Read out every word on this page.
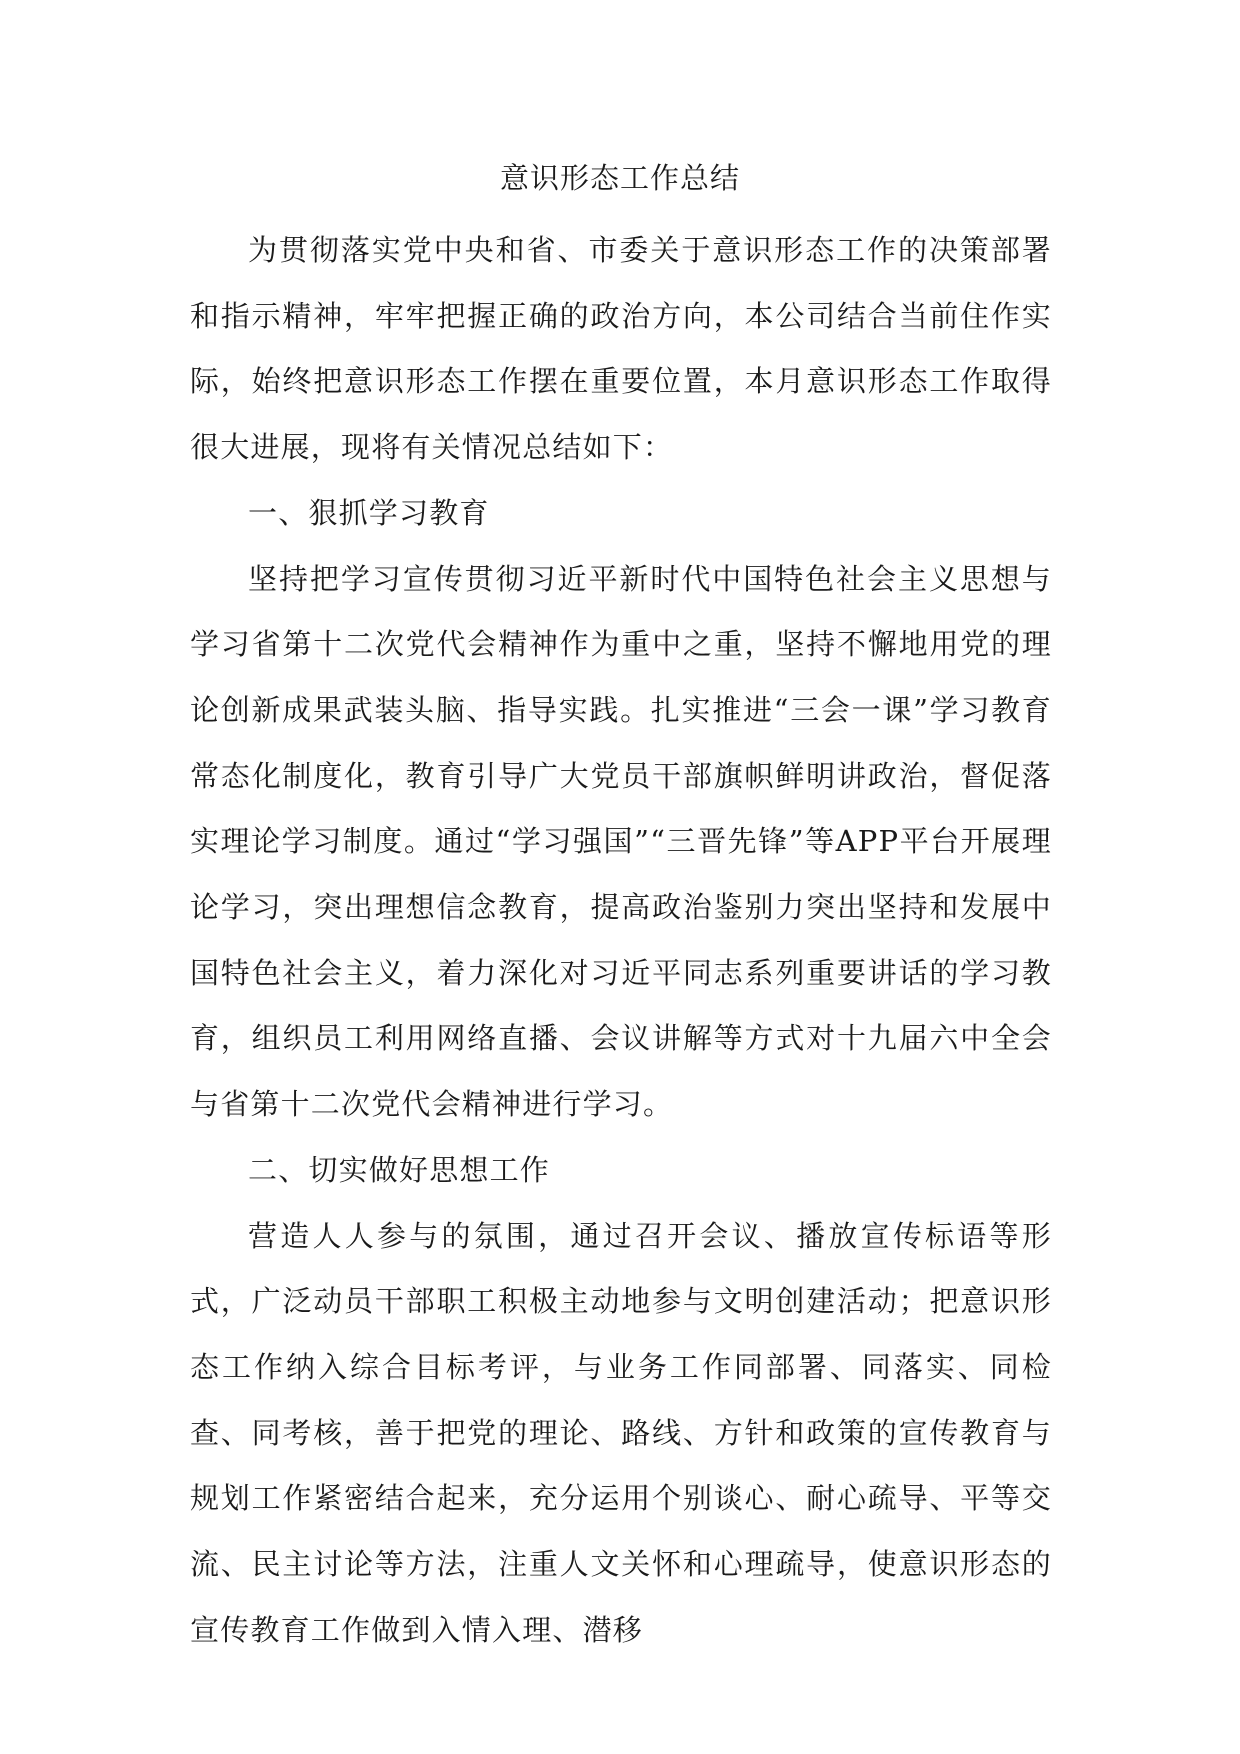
意识形态工作总结

为贯彻落实党中央和省、市委关于意识形态工作的决策部署和指示精神，牢牢把握正确的政治方向，本公司结合当前住作实际，始终把意识形态工作摆在重要位置，本月意识形态工作取得很大进展，现将有关情况总结如下：

一、狠抓学习教育

坚持把学习宣传贯彻习近平新时代中国特色社会主义思想与学习省第十二次党代会精神作为重中之重，坚持不懈地用党的理论创新成果武装头脑、指导实践。扎实推进“三会一课”学习教育常态化制度化，教育引导广大党员干部旗帜鲜明讲政治，督促落实理论学习制度。通过“学习强国”“三晋先锋”等APP平台开展理论学习，突出理想信念教育，提高政治鉴别力突出坚持和发展中国特色社会主义，着力深化对习近平同志系列重要讲话的学习教育，组织员工利用网络直播、会议讲解等方式对十九届六中全会与省第十二次党代会精神进行学习。

二、切实做好思想工作

营造人人参与的氛围，通过召开会议、播放宣传标语等形式，广泛动员干部职工积极主动地参与文明创建活动；把意识形态工作纳入综合目标考评，与业务工作同部署、同落实、同检查、同考核，善于把党的理论、路线、方针和政策的宣传教育与规划工作紧密结合起来，充分运用个别谈心、耐心疏导、平等交流、民主讨论等方法，注重人文关怀和心理疏导，使意识形态的宣传教育工作做到入情入理、潜移
